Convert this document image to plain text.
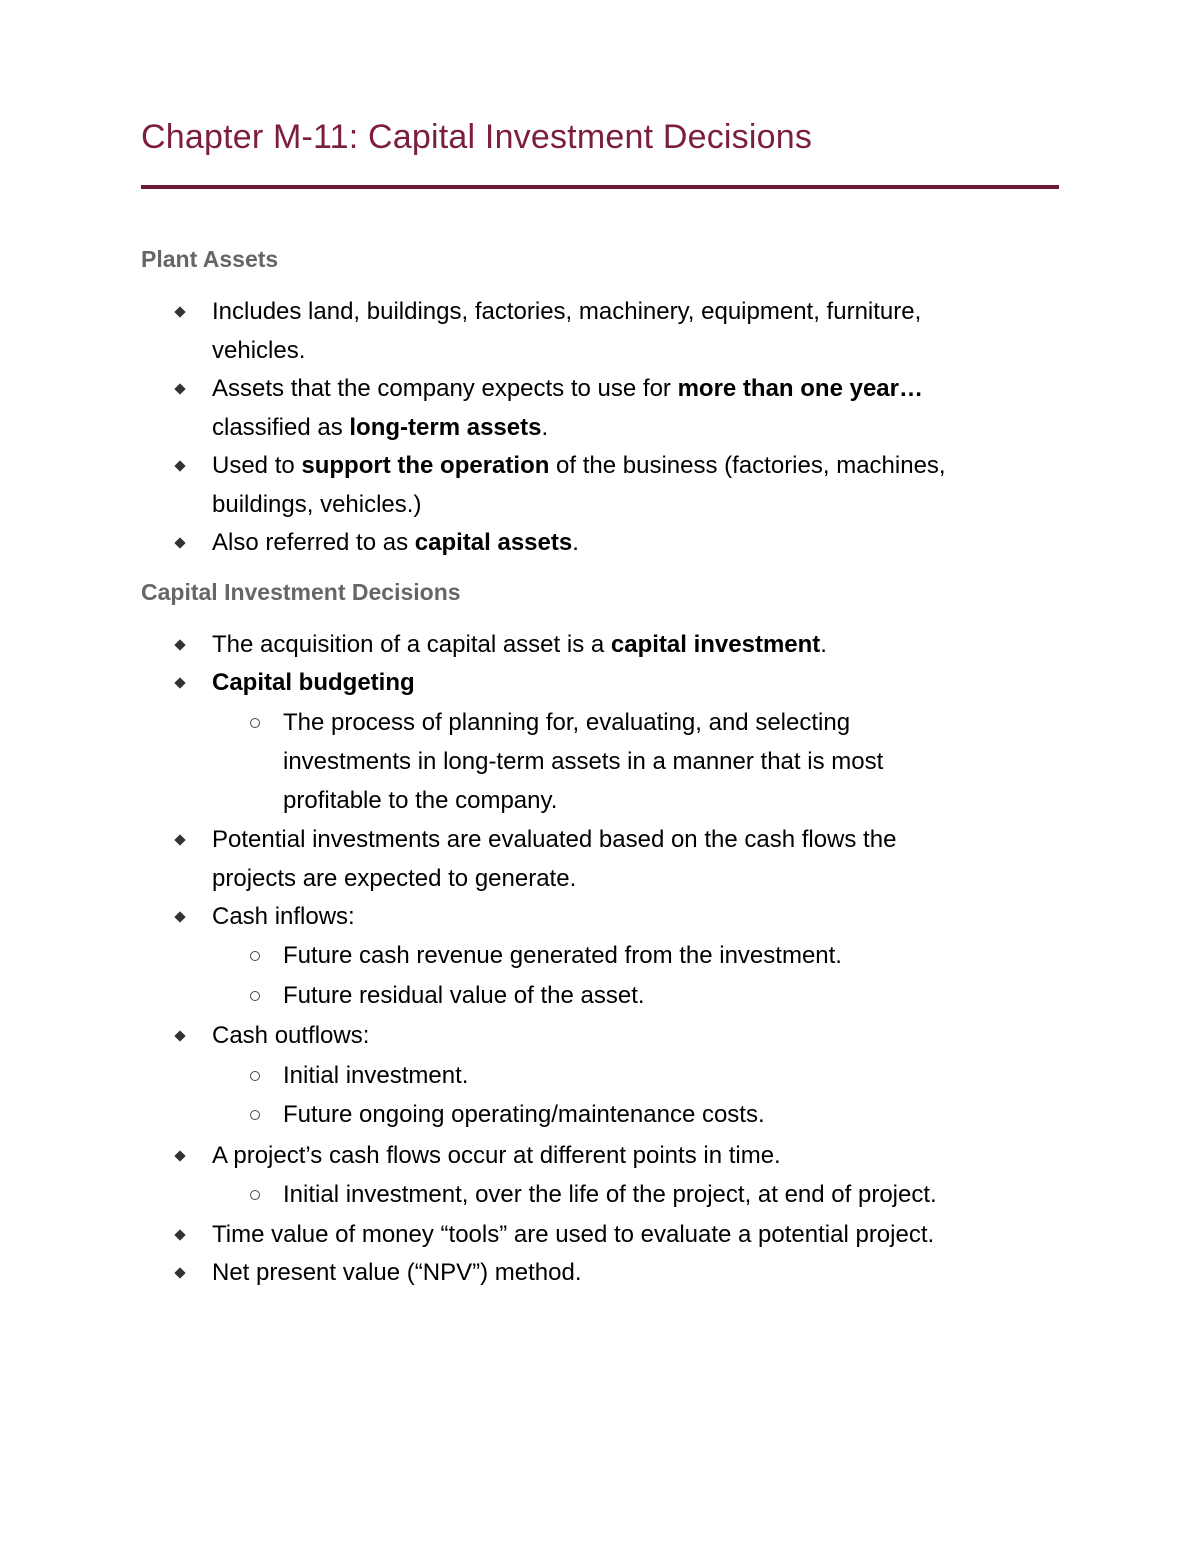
Chapter M-11: Capital Investment Decisions
Plant Assets
Includes land, buildings, factories, machinery, equipment, furniture,
vehicles.
Assets that the company expects to use for more than one year…
classified as long-term assets.
Used to support the operation of the business (factories, machines,
buildings, vehicles.)
Also referred to as capital assets.
Capital Investment Decisions
The acquisition of a capital asset is a capital investment.
Capital budgeting
The process of planning for, evaluating, and selecting
investments in long-term assets in a manner that is most
profitable to the company.
Potential investments are evaluated based on the cash flows the
projects are expected to generate.
Cash inflows:
Future cash revenue generated from the investment.
Future residual value of the asset.
Cash outflows:
Initial investment.
Future ongoing operating/maintenance costs.
A project’s cash flows occur at different points in time.
Initial investment, over the life of the project, at end of project.
Time value of money “tools” are used to evaluate a potential project.
Net present value (“NPV”) method.
